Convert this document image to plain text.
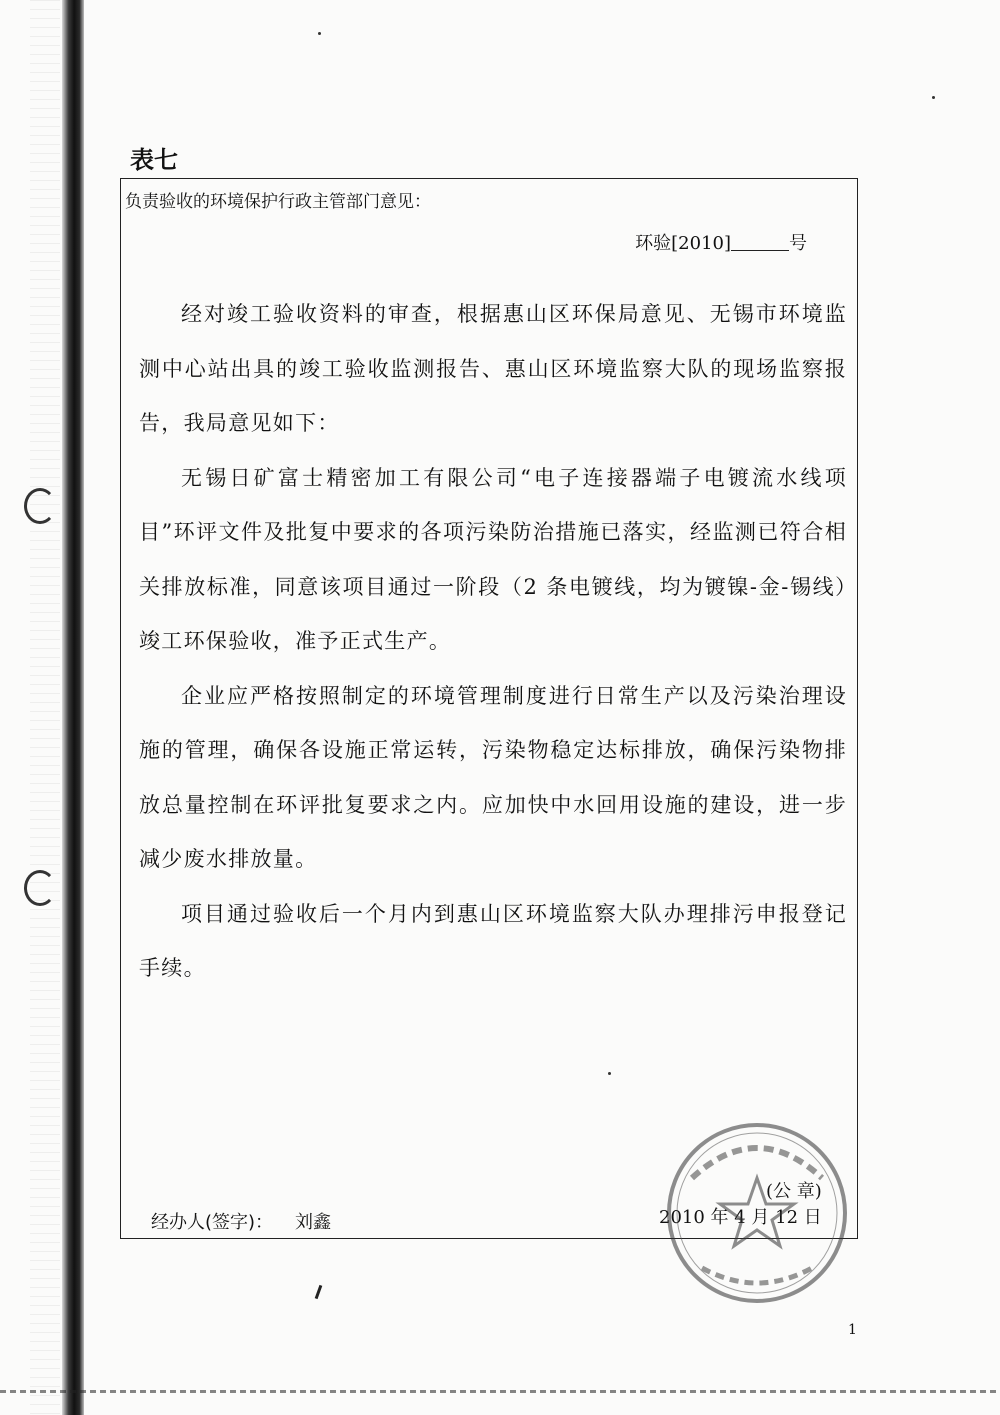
表七
负责验收的环境保护行政主管部门意见：
环验[2010]	号

经对竣工验收资料的审查，根据惠山区环保局意见、无锡市环境监测中心站出具的竣工验收监测报告、惠山区环境监察大队的现场监察报告，我局意见如下：

无锡日矿富士精密加工有限公司“电子连接器端子电镀流水线项目”环评文件及批复中要求的各项污染防治措施已落实，经监测已符合相关排放标准，同意该项目通过一阶段（2 条电镀线，均为镀镍-金-锡线）竣工环保验收，准予正式生产。

企业应严格按照制定的环境管理制度进行日常生产以及污染治理设施的管理，确保各设施正常运转，污染物稳定达标排放，确保污染物排放总量控制在环评批复要求之内。应加快中水回用设施的建设，进一步减少废水排放量。

项目通过验收后一个月内到惠山区环境监察大队办理排污申报登记手续。

(公 章)
2010 年 4 月 12 日
经办人(签字)： 刘鑫
1
